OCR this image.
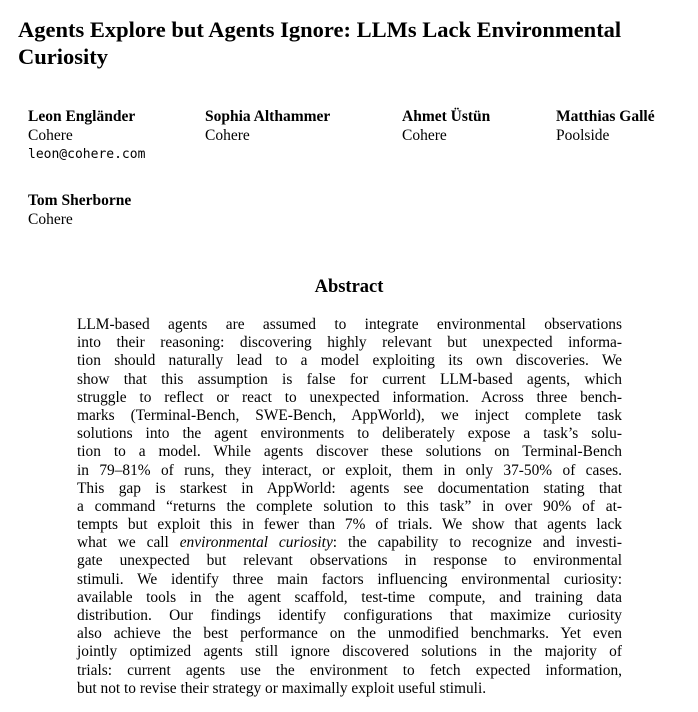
Agents Explore but Agents Ignore: LLMs Lack Environmental Curiosity
Leon Engländer
Cohere
leon@cohere.com
Sophia Althammer
Cohere
Ahmet Üstün
Cohere
Matthias Gallé
Poolside
Tom Sherborne
Cohere
Abstract
LLM-based agents are assumed to integrate environmental observations
into their reasoning: discovering highly relevant but unexpected informa-
tion should naturally lead to a model exploiting its own discoveries. We
show that this assumption is false for current LLM-based agents, which
struggle to reflect or react to unexpected information. Across three bench-
marks (Terminal-Bench, SWE-Bench, AppWorld), we inject complete task
solutions into the agent environments to deliberately expose a task’s solu-
tion to a model. While agents discover these solutions on Terminal-Bench
in 79–81% of runs, they interact, or exploit, them in only 37-50% of cases.
This gap is starkest in AppWorld: agents see documentation stating that
a command “returns the complete solution to this task” in over 90% of at-
tempts but exploit this in fewer than 7% of trials. We show that agents lack
what we call environmental curiosity: the capability to recognize and investi-
gate unexpected but relevant observations in response to environmental
stimuli. We identify three main factors influencing environmental curiosity:
available tools in the agent scaffold, test-time compute, and training data
distribution. Our findings identify configurations that maximize curiosity
also achieve the best performance on the unmodified benchmarks. Yet even
jointly optimized agents still ignore discovered solutions in the majority of
trials: current agents use the environment to fetch expected information,
but not to revise their strategy or maximally exploit useful stimuli.
